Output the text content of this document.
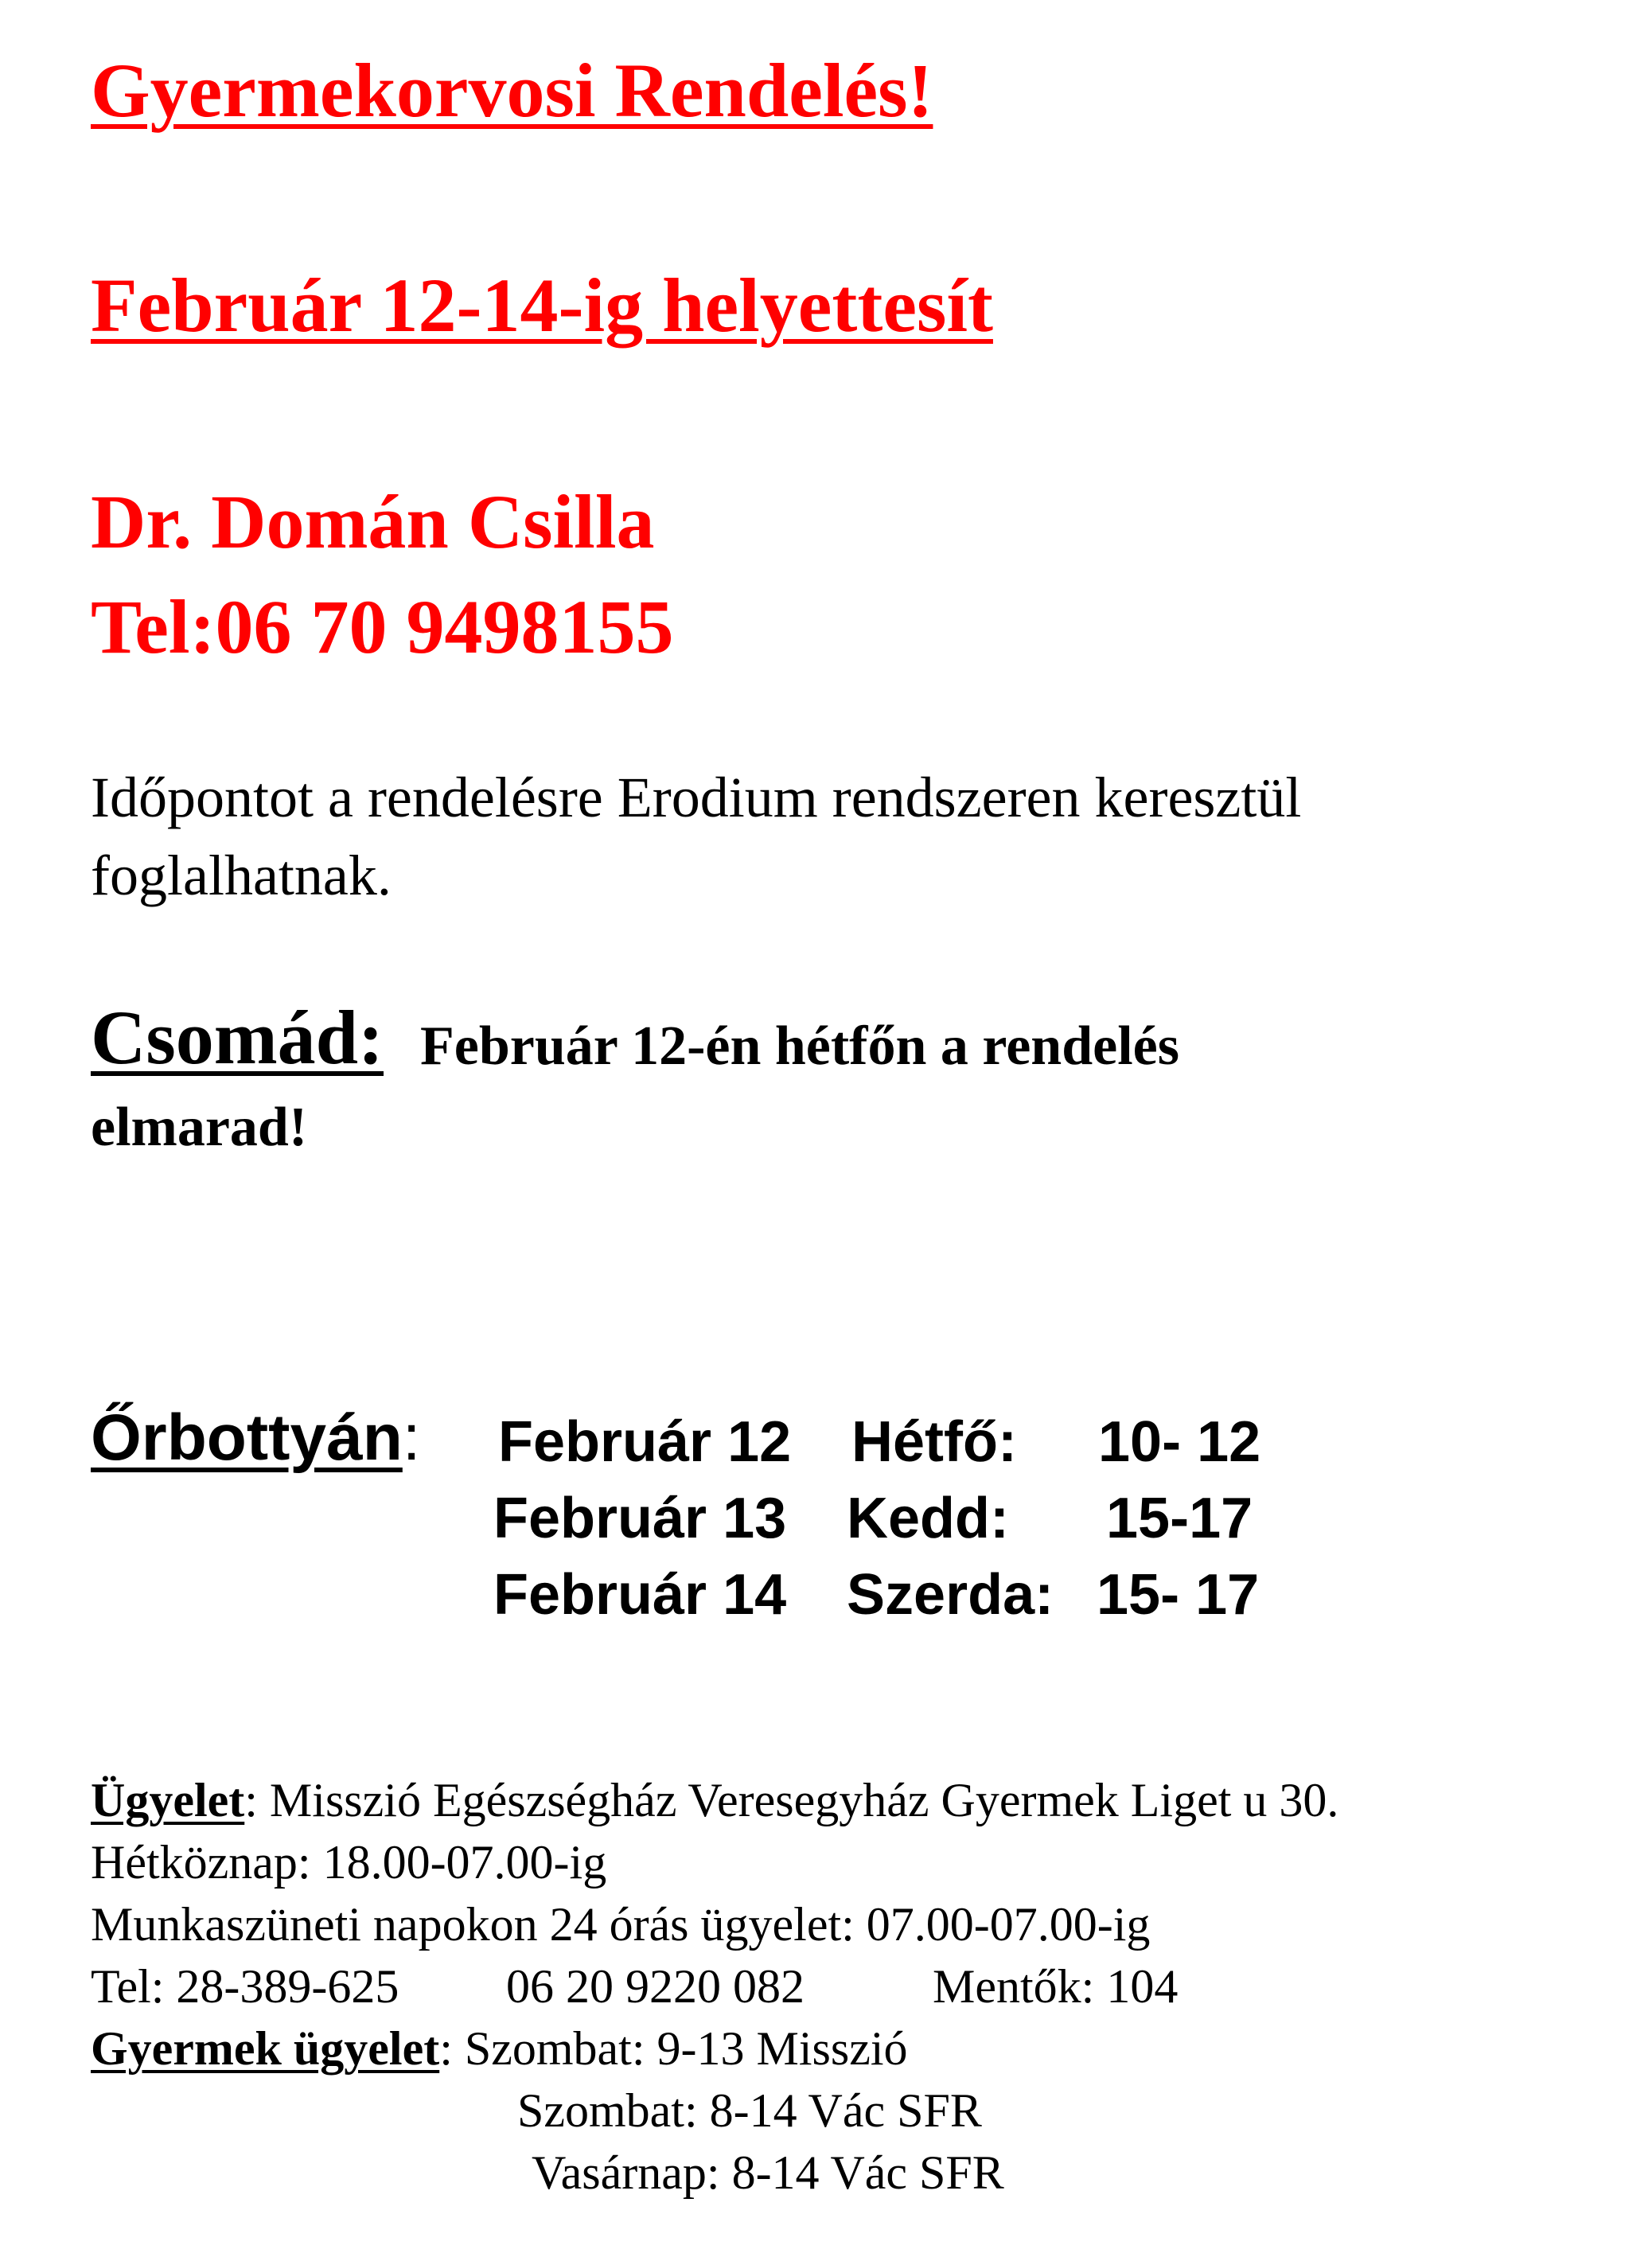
Gyermekorvosi Rendelés!
Február 12-14-ig helyettesít
Dr. Domán Csilla
Tel:06 70 9498155
Időpontot a rendelésre Erodium rendszeren keresztül
foglalhatnak.
Csomád: Február 12-én hétfőn a rendelés
elmarad!
Őrbottyán: Február 12 Hétfő: 10- 12
Február 13 Kedd: 15-17
Február 14 Szerda: 15- 17
Ügyelet: Misszió Egészségház Veresegyház Gyermek Liget u 30.
Hétköznap: 18.00-07.00-ig
Munkaszüneti napokon 24 órás ügyelet: 07.00-07.00-ig
Tel: 28-389-625 06 20 9220 082	Mentők: 104
Gyermek ügyelet: Szombat: 9-13 Misszió
Szombat: 8-14 Vác SFR
Vasárnap: 8-14 Vác SFR
